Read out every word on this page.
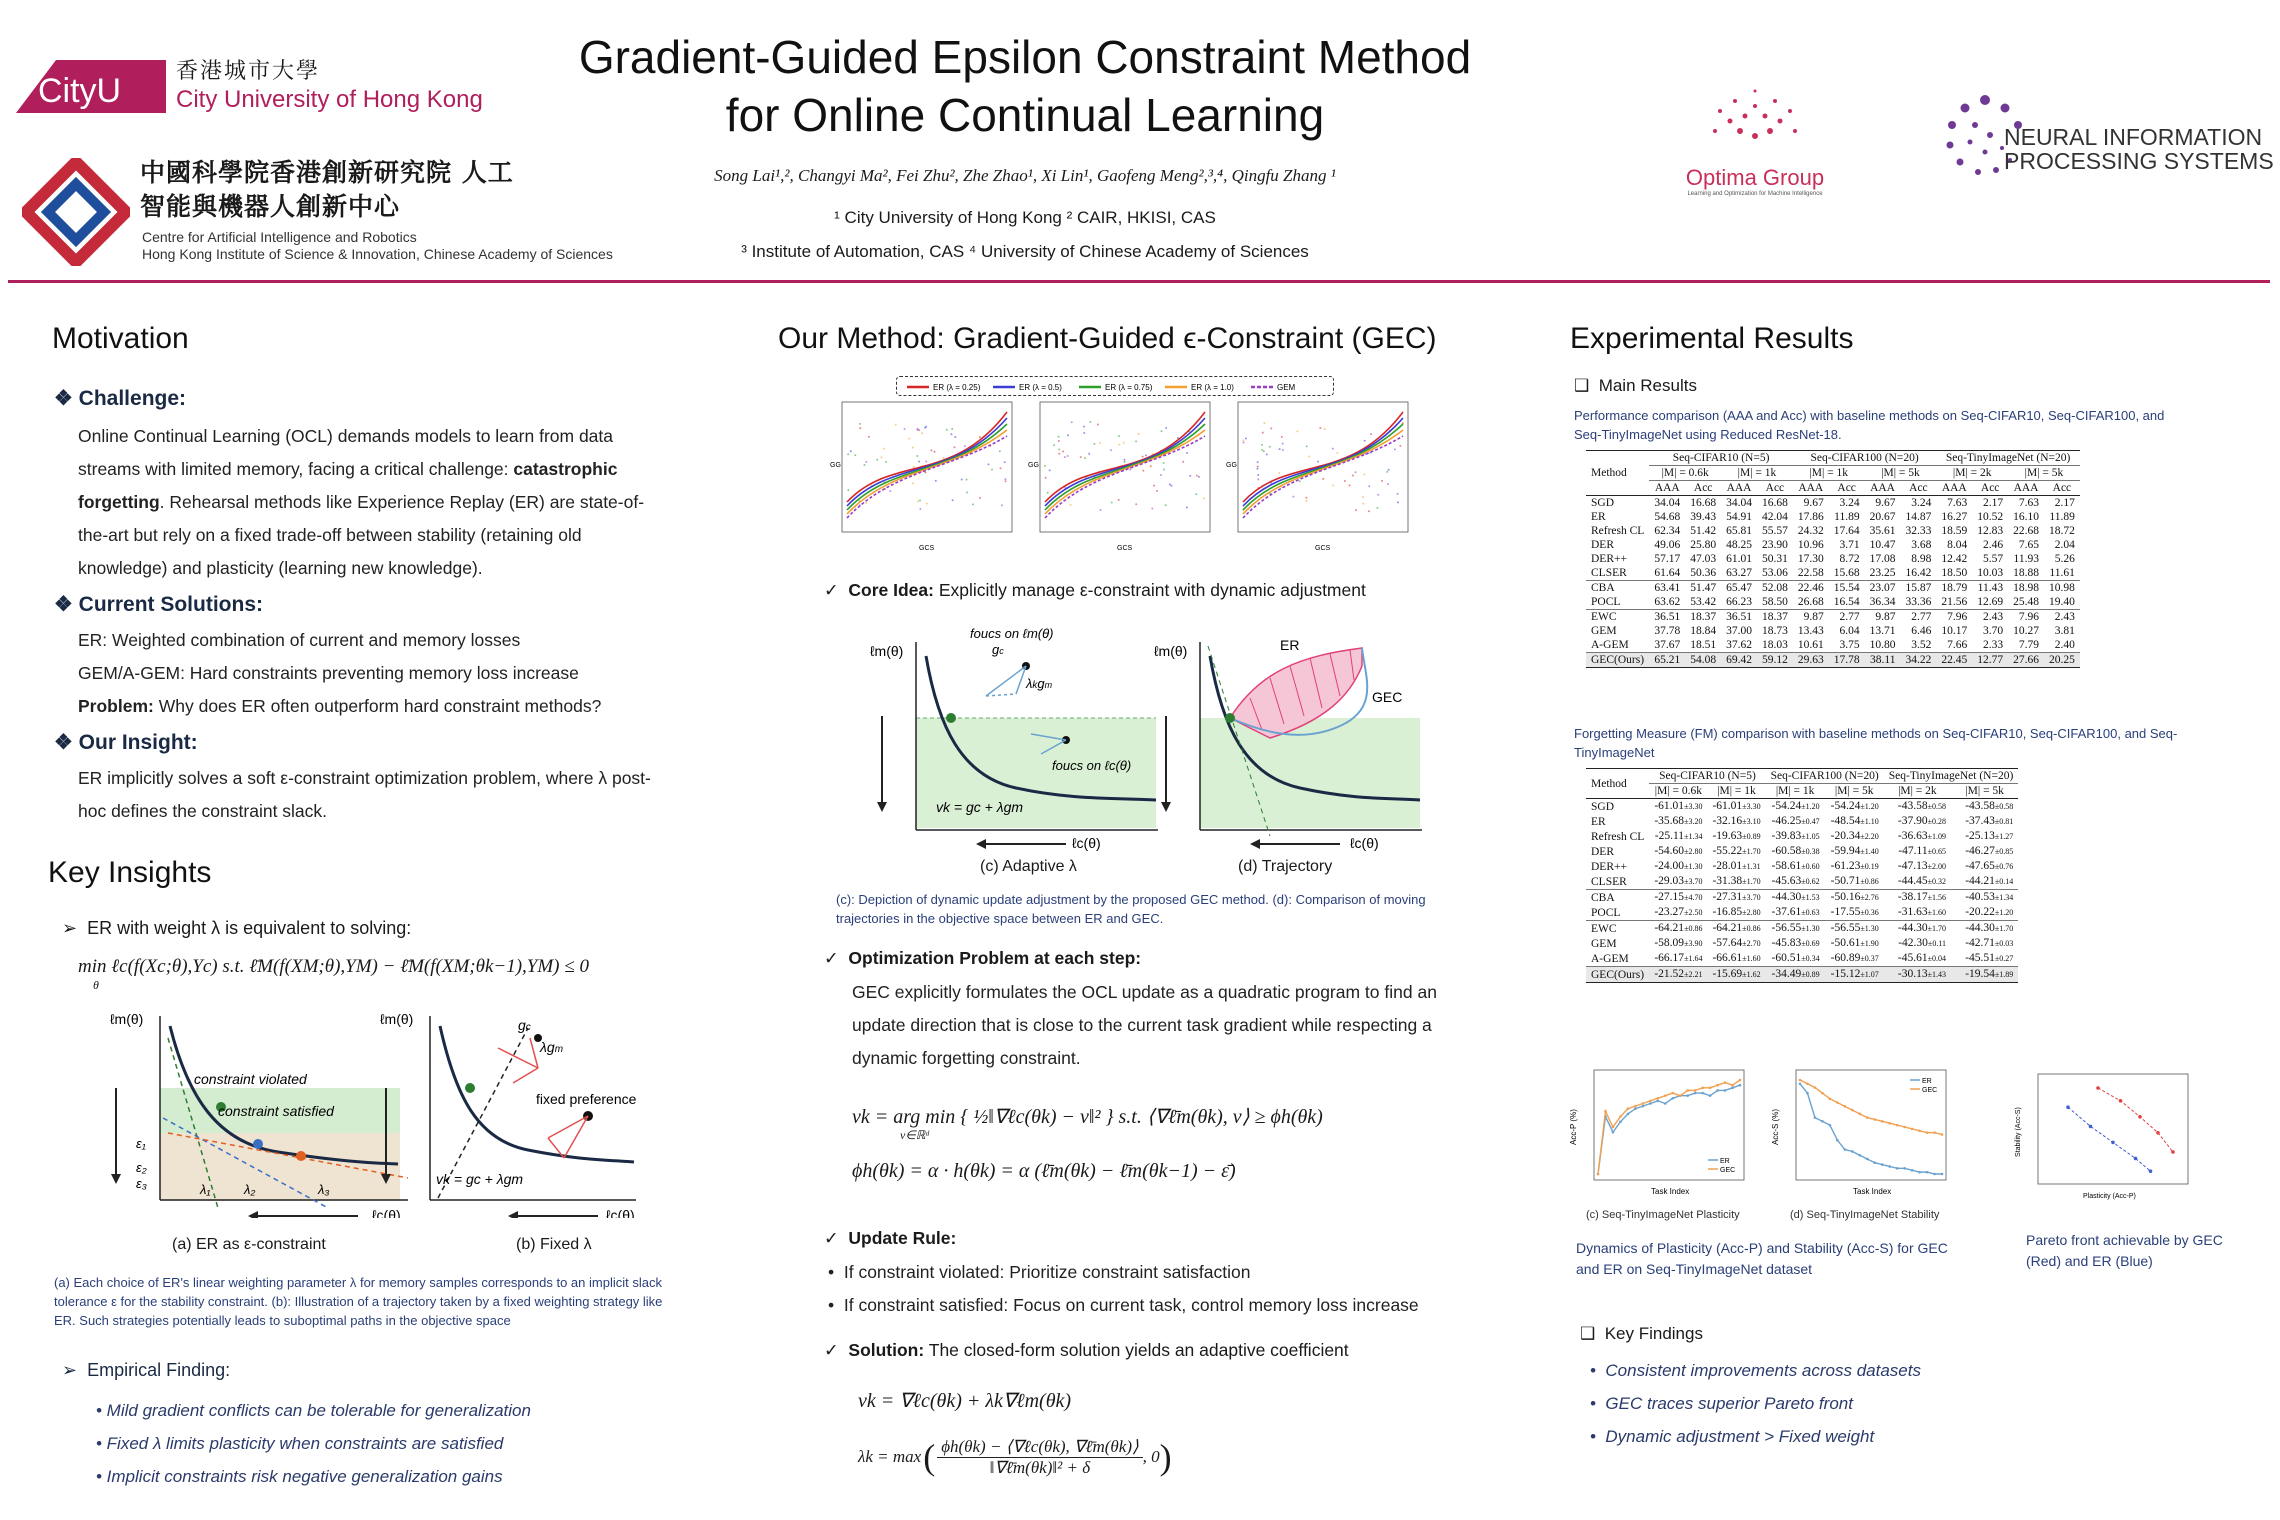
CityU
香港城市大學
City University of Hong Kong
中國科學院香港創新研究院 人工智能與機器人創新中心
Centre for Artificial Intelligence and Robotics
Hong Kong Institute of Science & Innovation, Chinese Academy of Sciences
Gradient-Guided Epsilon Constraint Method
for Online Continual Learning
Song Lai¹,², Changyi Ma², Fei Zhu², Zhe Zhao¹, Xi Lin¹, Gaofeng Meng²,³,⁴, Qingfu Zhang ¹
¹ City University of Hong Kong ² CAIR, HKISI, CAS
³ Institute of Automation, CAS ⁴ University of Chinese Academy of Sciences
Optima Group
Learning and Optimization for Machine Intelligence
NEURAL INFORMATION
PROCESSING SYSTEMS
Motivation
❖ Challenge:
Online Continual Learning (OCL) demands models to learn from data
streams with limited memory, facing a critical challenge: catastrophic
forgetting. Rehearsal methods like Experience Replay (ER) are state-of-
the-art but rely on a fixed trade-off between stability (retaining old
knowledge) and plasticity (learning new knowledge).
❖ Current Solutions:
ER: Weighted combination of current and memory losses
GEM/A-GEM: Hard constraints preventing memory loss increase
Problem: Why does ER often outperform hard constraint methods?
❖ Our Insight:
ER implicitly solves a soft ε-constraint optimization problem, where λ post-
hoc defines the constraint slack.
Key Insights
➢  ER with weight λ is equivalent to solving:
min ℓc(f(Xc;θ),Yc) s.t. ℓ̄M(f(XM;θ),YM) − ℓ̄M(f(XM;θk−1),YM) ≤ 0
θ
ℓm(θ)
ε₁
ε₂
ε₃
constraint violated
constraint satisfied
λ₁	λ₂	λ₃
ℓc(θ)
(a) ER as ε-constraint
ℓm(θ)	gc
λgm
fixed preference
vk = gc + λgm
ℓc(θ)
(b) Fixed λ
(a) Each choice of ER's linear weighting parameter λ for memory samples corresponds to an implicit slack
tolerance ε for the stability constraint. (b): Illustration of a trajectory taken by a fixed weighting strategy like
ER. Such strategies potentially leads to suboptimal paths in the objective space
➢  Empirical Finding:
• Mild gradient conflicts can be tolerable for generalization
• Fixed λ limits plasticity when constraints are satisfied
• Implicit constraints risk negative generalization gains
Our Method: Gradient-Guided ϵ-Constraint (GEC)
ER (λ = 0.25)	ER (λ = 0.5)	ER (λ = 0.75)	ER (λ = 1.0)	GEM
GCS
GG
GCS
GG
GCS
GG
✓  Core Idea: Explicitly manage ε-constraint with dynamic adjustment
ℓm(θ)
foucs on ℓm(θ)
gc
λkgm
foucs on ℓc(θ)
vk = gc + λgm
ℓc(θ)
(c) Adaptive λ
ℓm(θ)	ER
GEC
ℓc(θ)
(d) Trajectory
(c): Depiction of dynamic update adjustment by the proposed GEC method. (d): Comparison of moving
trajectories in the objective space between ER and GEC.
✓  Optimization Problem at each step:
GEC explicitly formulates the OCL update as a quadratic program to find an
update direction that is close to the current task gradient while respecting a
dynamic forgetting constraint.
vk = arg min { ½‖∇ℓc(θk) − v‖² } s.t. ⟨∇ℓ̄m(θk), v⟩ ≥ ϕh(θk)
v∈ℝᵈ
ϕh(θk) = α · h(θk) = α (ℓ̄m(θk) − ℓ̄m(θk−1) − ε̄)
✓  Update Rule:
•  If constraint violated: Prioritize constraint satisfaction
•  If constraint satisfied: Focus on current task, control memory loss increase
✓  Solution: The closed-form solution yields an adaptive coefficient
vk = ∇ℓc(θk) + λk∇ℓm(θk)
λk = max ( ϕh(θk) − ⟨∇ℓc(θk), ∇ℓ̄m(θk)⟩
‖∇ℓ̄m(θk)‖² + δ
, 0 )
Experimental Results
❑  Main Results
Performance comparison (AAA and Acc) with baseline methods on Seq-CIFAR10, Seq-CIFAR100, and
Seq-TinyImageNet using Reduced ResNet-18.
Method	Seq-CIFAR10 (N=5)				Seq-CIFAR100 (N=20)				Seq-TinyImageNet (N=20)			
	|M| = 0.6k		|M| = 1k		|M| = 1k		|M| = 5k		|M| = 2k		|M| = 5k	
	AAA	Acc	AAA	Acc	AAA	Acc	AAA	Acc	AAA	Acc	AAA	Acc
SGD	34.04	16.68	34.04	16.68	9.67	3.24	9.67	3.24	7.63	2.17	7.63	2.17
ER	54.68	39.43	54.91	42.04	17.86	11.89	20.67	14.87	16.27	10.52	16.10	11.89
Refresh CL	62.34	51.42	65.81	55.57	24.32	17.64	35.61	32.33	18.59	12.83	22.68	18.72
DER	49.06	25.80	48.25	23.90	10.96	3.71	10.47	3.68	8.04	2.46	7.65	2.04
DER++	57.17	47.03	61.01	50.31	17.30	8.72	17.08	8.98	12.42	5.57	11.93	5.26
CLSER	61.64	50.36	63.27	53.06	22.58	15.68	23.25	16.42	18.50	10.03	18.88	11.61
CBA	63.41	51.47	65.47	52.08	22.46	15.54	23.07	15.87	18.79	11.43	18.98	10.98
POCL	63.62	53.42	66.23	58.50	26.68	16.54	36.34	33.36	21.56	12.69	25.48	19.40
EWC	36.51	18.37	36.51	18.37	9.87	2.77	9.87	2.77	7.96	2.43	7.96	2.43
GEM	37.78	18.84	37.00	18.73	13.43	6.04	13.71	6.46	10.17	3.70	10.27	3.81
A-GEM	37.67	18.51	37.62	18.03	10.61	3.75	10.80	3.52	7.66	2.33	7.79	2.40
GEC(Ours)	65.21	54.08	69.42	59.12	29.63	17.78	38.11	34.22	22.45	12.77	27.66	20.25
Forgetting Measure (FM) comparison with baseline methods on Seq-CIFAR10, Seq-CIFAR100, and Seq-
TinyImageNet
Method	Seq-CIFAR10 (N=5)		Seq-CIFAR100 (N=20)		Seq-TinyImageNet (N=20)	
	|M| = 0.6k	|M| = 1k	|M| = 1k	|M| = 5k	|M| = 2k	|M| = 5k
SGD	-61.01±3.30	-61.01±3.30	-54.24±1.20	-54.24±1.20	-43.58±0.58	-43.58±0.58
ER	-35.68±3.20	-32.16±3.10	-46.25±0.47	-48.54±1.10	-37.90±0.28	-37.43±0.81
Refresh CL	-25.11±1.34	-19.63±0.89	-39.83±1.05	-20.34±2.20	-36.63±1.09	-25.13±1.27
DER	-54.60±2.80	-55.22±1.70	-60.58±0.38	-59.94±1.40	-47.11±0.65	-46.27±0.85
DER++	-24.00±1.30	-28.01±1.31	-58.61±0.60	-61.23±0.19	-47.13±2.00	-47.65±0.76
CLSER	-29.03±3.70	-31.38±1.70	-45.63±0.62	-50.71±0.86	-44.45±0.32	-44.21±0.14
CBA	-27.15±4.70	-27.31±3.70	-44.30±1.53	-50.16±2.76	-38.17±1.56	-40.53±1.34
POCL	-23.27±2.50	-16.85±2.80	-37.61±0.63	-17.55±0.36	-31.63±1.60	-20.22±1.20
EWC	-64.21±0.86	-64.21±0.86	-56.55±1.30	-56.55±1.30	-44.30±1.70	-44.30±1.70
GEM	-58.09±3.90	-57.64±2.70	-45.83±0.69	-50.61±1.90	-42.30±0.11	-42.71±0.03
A-GEM	-66.17±1.64	-66.61±1.60	-60.51±0.34	-60.89±0.37	-45.61±0.04	-45.51±0.27
GEC(Ours)	-21.52±2.21	-15.69±1.62	-34.49±0.89	-15.12±1.07	-30.13±1.43	-19.54±1.89
ER
GEC
Task Index
Acc-P (%)
(c) Seq-TinyImageNet Plasticity
ER
GEC
Task Index
Acc-S (%)
(d) Seq-TinyImageNet Stability
Plasticity (Acc-P)
Stability (Acc-S)
Dynamics of Plasticity (Acc-P) and Stability (Acc-S) for GEC
and ER on Seq-TinyImageNet dataset
Pareto front achievable by GEC
(Red) and ER (Blue)
❑  Key Findings
•  Consistent improvements across datasets
•  GEC traces superior Pareto front
•  Dynamic adjustment > Fixed weight
